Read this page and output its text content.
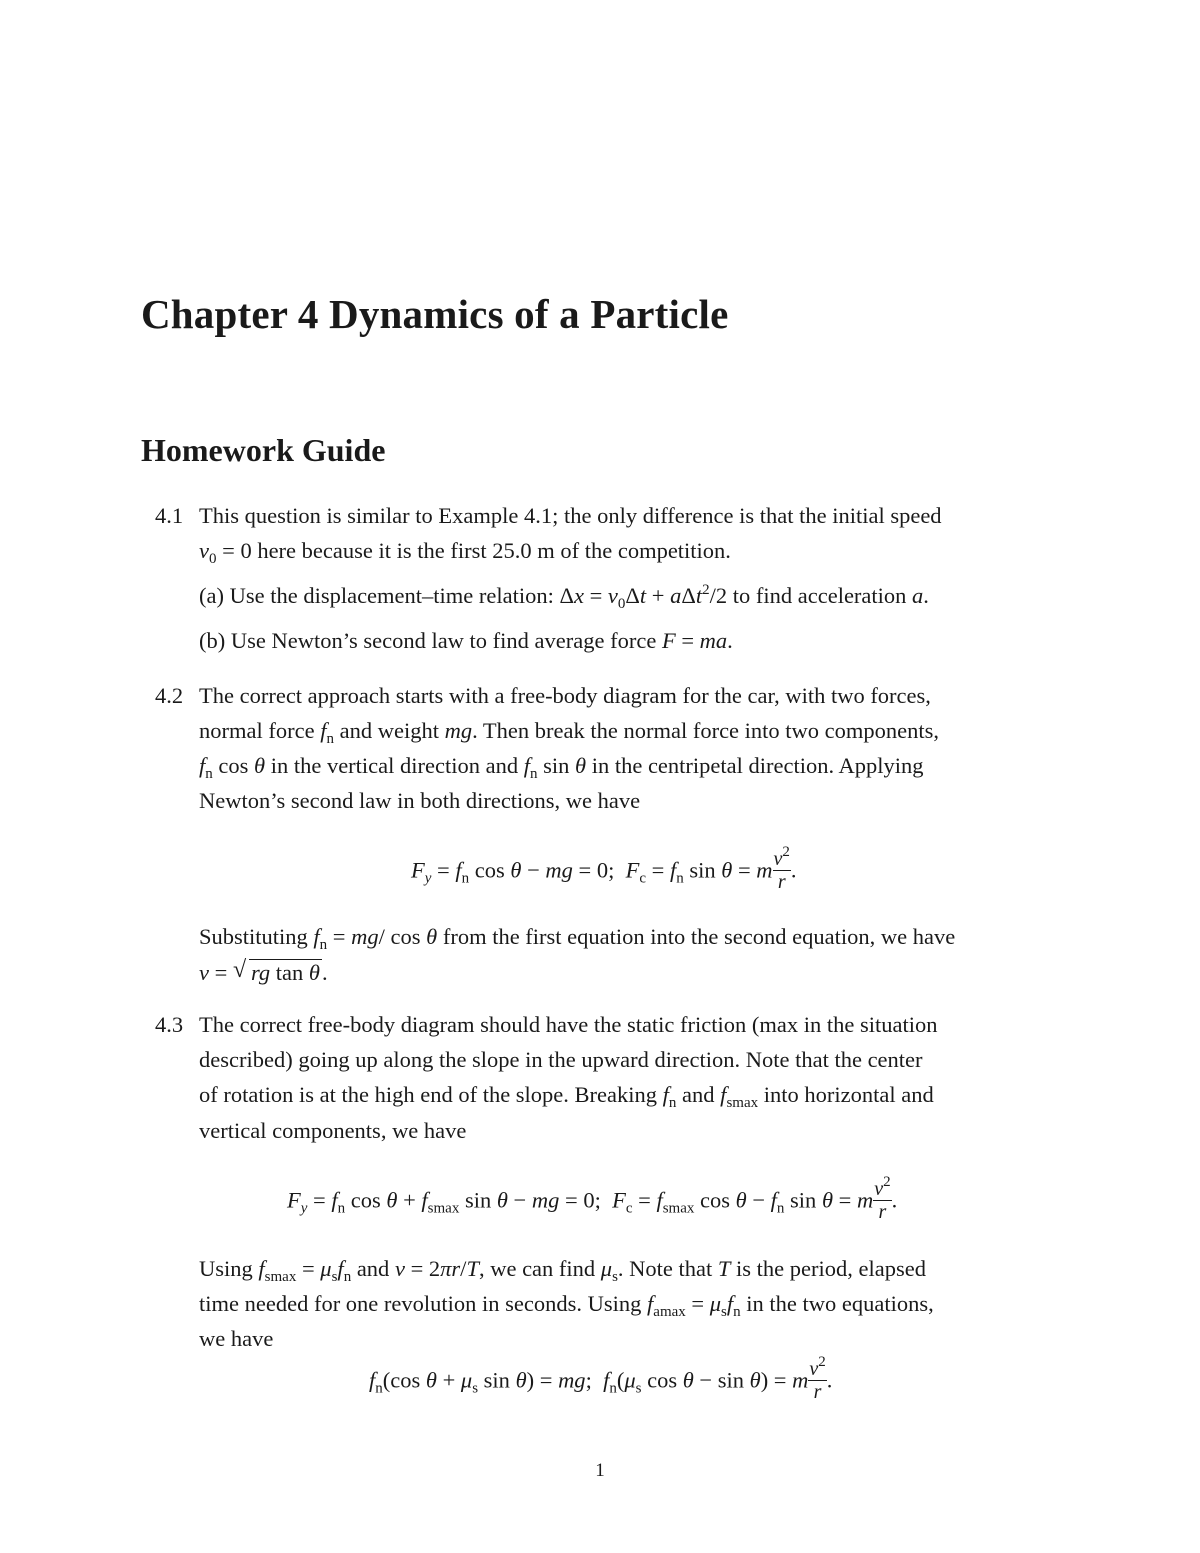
Chapter 4 Dynamics of a Particle
Homework Guide
4.1 This question is similar to Example 4.1; the only difference is that the initial speed
$v_0 = 0$ here because it is the first 25.0 m of the competition.
(a) Use the displacement–time relation: $\Delta x = v_0\Delta t + a\Delta t^2/2$ to find acceleration a.
(b) Use Newton’s second law to find average force F = ma.
4.2 The correct approach starts with a free-body diagram for the car, with two forces,
normal force $f_n$ and weight mg. Then break the normal force into two components,
$f_n$ cos θ in the vertical direction and $f_n$ sin θ in the centripetal direction. Applying
Newton’s second law in both directions, we have
$F_y = f_n$ cos θ − mg = 0;  $F_c = f_n$ sin θ = m $\frac{v^2}{r}$ .
Substituting $f_n = mg/$ cos θ from the first equation into the second equation, we have
v = √ rg tan θ.
4.3 The correct free-body diagram should have the static friction (max in the situation
described) going up along the slope in the upward direction. Note that the center
of rotation is at the high end of the slope. Breaking $f_n$ and $f_{smax}$ into horizontal and
vertical components, we have
$F_y = f_n$ $\cos \theta + f_{smax}$ sin θ − mg = 0;  $F_c = f_{smax}$ $\cos \theta - f_n$ sin θ = m $\frac{v^2}{r}$ .
Using $f_{smax} = \mu_sf_n$ and v = 2πr/T, we can find $\mu_s$. Note that T is the period, elapsed
time needed for one revolution in seconds. Using $f_{amax} = \mu_sf_n$ in the two equations,
we have
$f_n(\cos$ $\theta + \mu_s$ sin θ) = mg;  $f_n(\mu_s$ cos θ − sin θ) = m $\frac{v^2}{r}$ .
1
